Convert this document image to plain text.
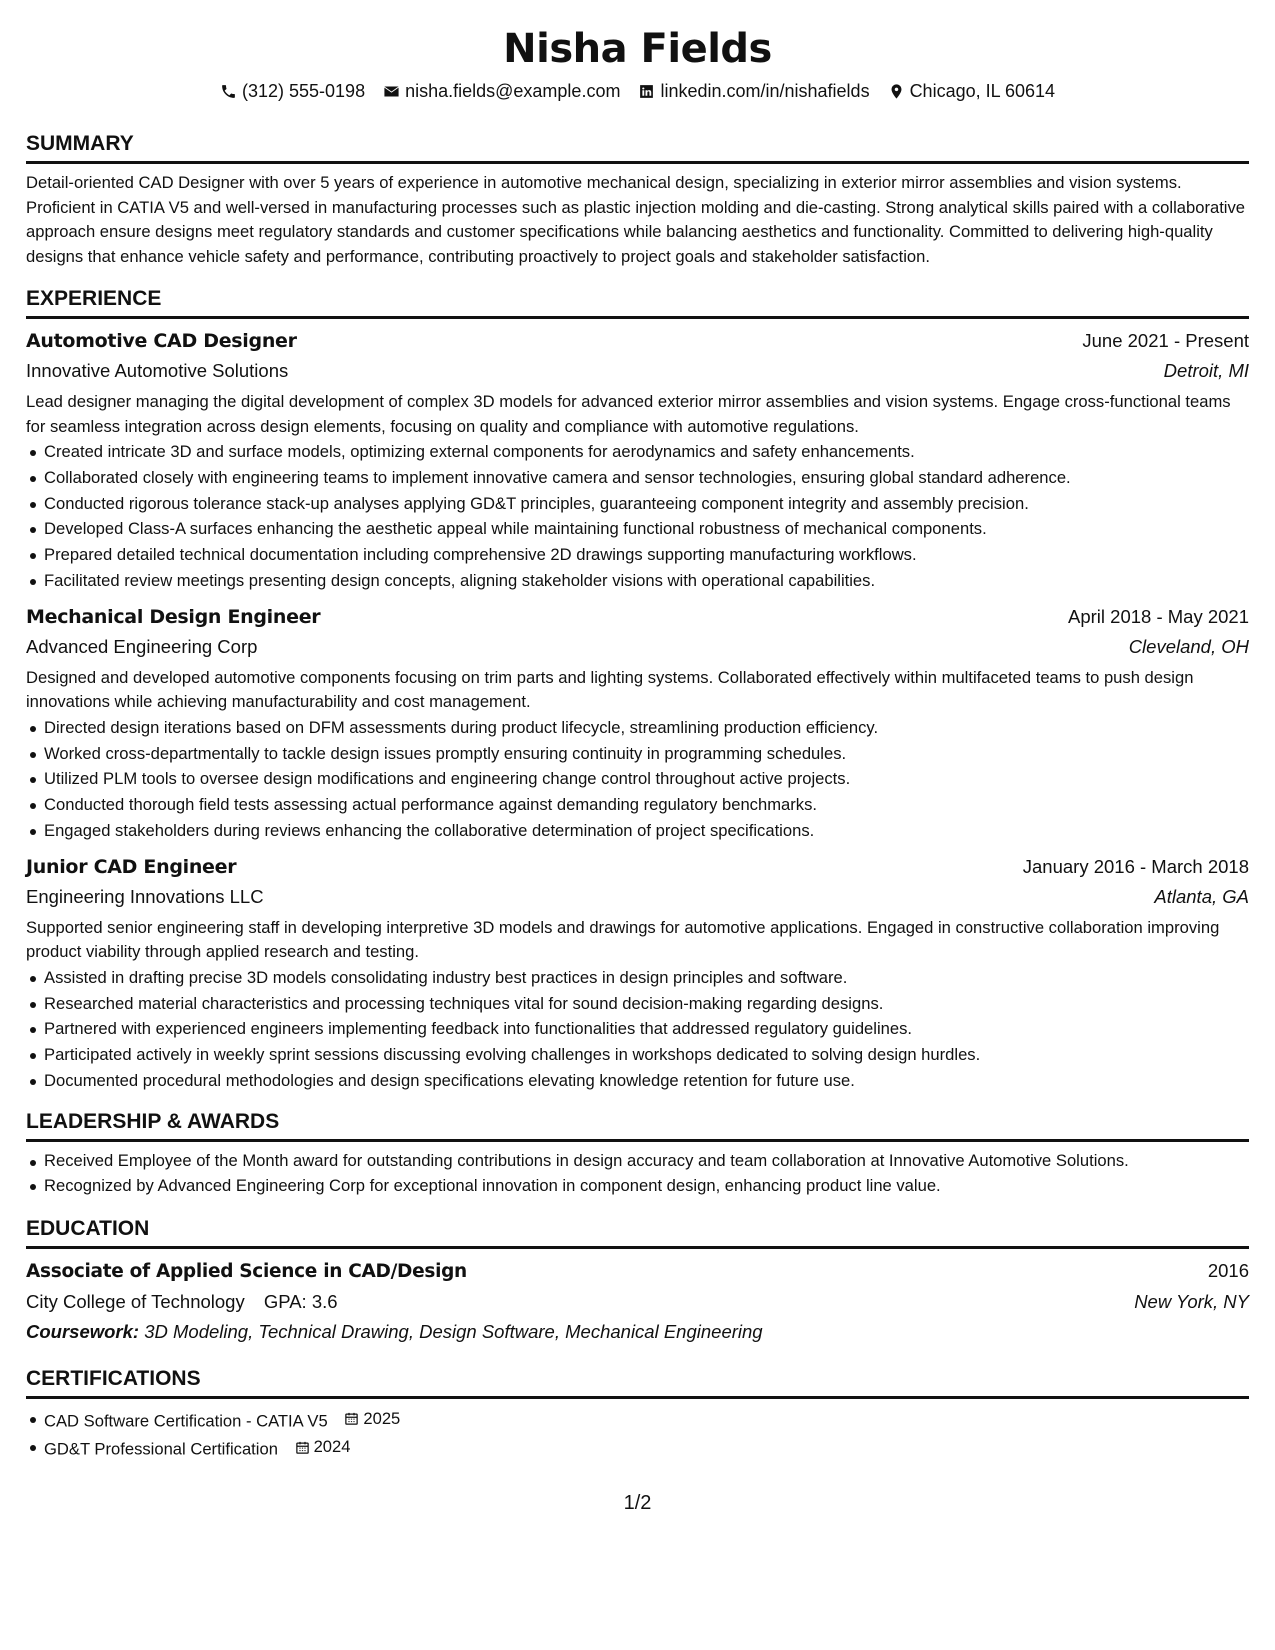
Nisha Fields
(312) 555-0198 nisha.fields@example.com linkedin.com/in/nishafields Chicago, IL 60614
SUMMARY
Detail-oriented CAD Designer with over 5 years of experience in automotive mechanical design, specializing in exterior mirror assemblies and vision systems. Proficient in CATIA V5 and well-versed in manufacturing processes such as plastic injection molding and die-casting. Strong analytical skills paired with a collaborative approach ensure designs meet regulatory standards and customer specifications while balancing aesthetics and functionality. Committed to delivering high-quality designs that enhance vehicle safety and performance, contributing proactively to project goals and stakeholder satisfaction.
EXPERIENCE
Automotive CAD Designer	June 2021 - Present
Innovative Automotive Solutions	Detroit, MI
Lead designer managing the digital development of complex 3D models for advanced exterior mirror assemblies and vision systems. Engage cross-functional teams for seamless integration across design elements, focusing on quality and compliance with automotive regulations.
Created intricate 3D and surface models, optimizing external components for aerodynamics and safety enhancements.
Collaborated closely with engineering teams to implement innovative camera and sensor technologies, ensuring global standard adherence.
Conducted rigorous tolerance stack-up analyses applying GD&T principles, guaranteeing component integrity and assembly precision.
Developed Class-A surfaces enhancing the aesthetic appeal while maintaining functional robustness of mechanical components.
Prepared detailed technical documentation including comprehensive 2D drawings supporting manufacturing workflows.
Facilitated review meetings presenting design concepts, aligning stakeholder visions with operational capabilities.
Mechanical Design Engineer	April 2018 - May 2021
Advanced Engineering Corp	Cleveland, OH
Designed and developed automotive components focusing on trim parts and lighting systems. Collaborated effectively within multifaceted teams to push design innovations while achieving manufacturability and cost management.
Directed design iterations based on DFM assessments during product lifecycle, streamlining production efficiency.
Worked cross-departmentally to tackle design issues promptly ensuring continuity in programming schedules.
Utilized PLM tools to oversee design modifications and engineering change control throughout active projects.
Conducted thorough field tests assessing actual performance against demanding regulatory benchmarks.
Engaged stakeholders during reviews enhancing the collaborative determination of project specifications.
Junior CAD Engineer	January 2016 - March 2018
Engineering Innovations LLC	Atlanta, GA
Supported senior engineering staff in developing interpretive 3D models and drawings for automotive applications. Engaged in constructive collaboration improving product viability through applied research and testing.
Assisted in drafting precise 3D models consolidating industry best practices in design principles and software.
Researched material characteristics and processing techniques vital for sound decision-making regarding designs.
Partnered with experienced engineers implementing feedback into functionalities that addressed regulatory guidelines.
Participated actively in weekly sprint sessions discussing evolving challenges in workshops dedicated to solving design hurdles.
Documented procedural methodologies and design specifications elevating knowledge retention for future use.
LEADERSHIP & AWARDS
Received Employee of the Month award for outstanding contributions in design accuracy and team collaboration at Innovative Automotive Solutions.
Recognized by Advanced Engineering Corp for exceptional innovation in component design, enhancing product line value.
EDUCATION
Associate of Applied Science in CAD/Design	2016
City College of Technology GPA: 3.6	New York, NY
Coursework: 3D Modeling, Technical Drawing, Design Software, Mechanical Engineering
CERTIFICATIONS
CAD Software Certification - CATIA V5 2025
GD&T Professional Certification 2024
1/2
